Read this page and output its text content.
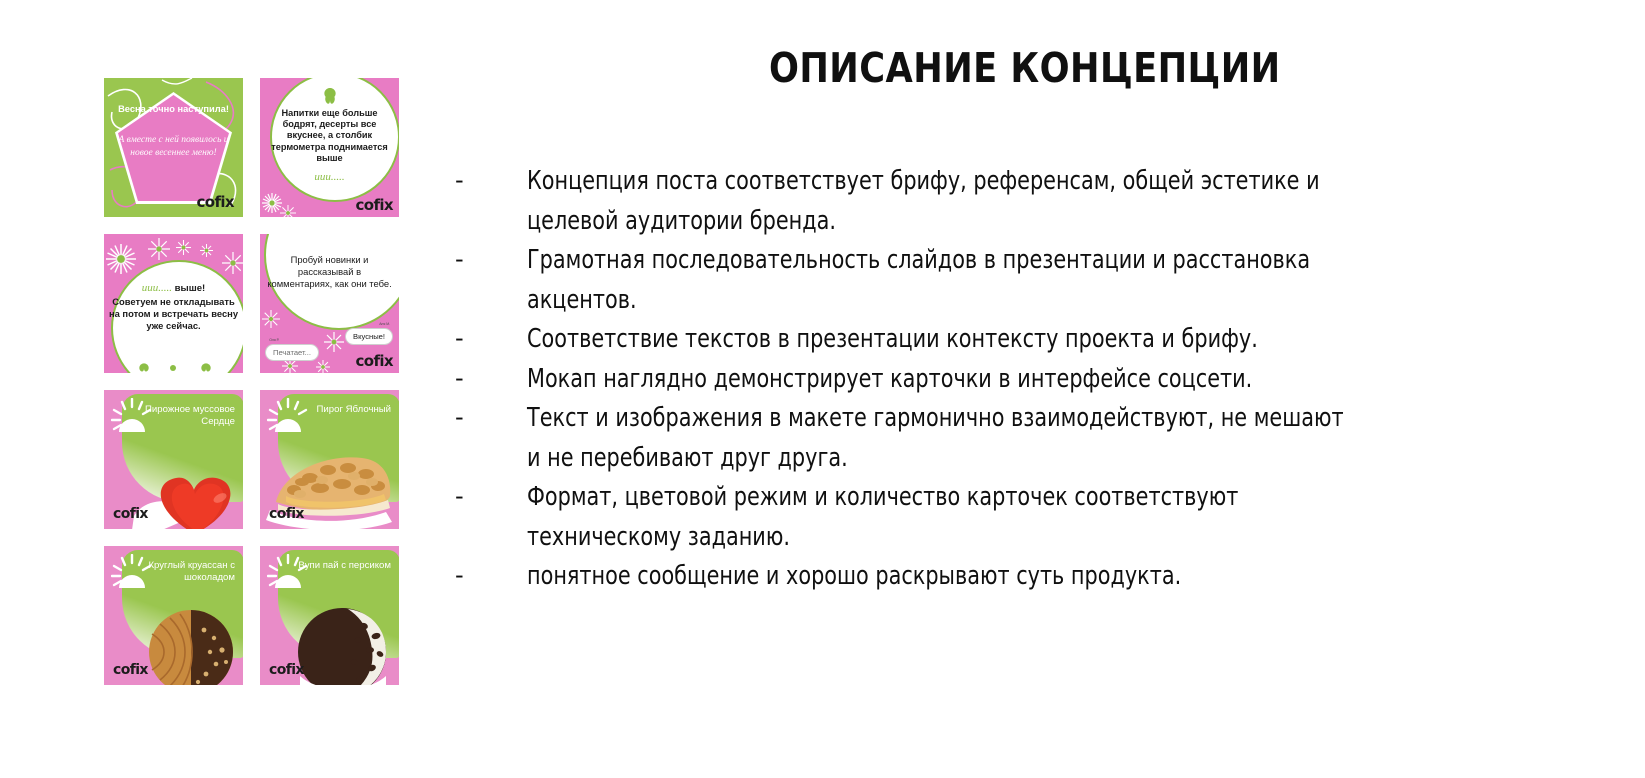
Весна точно наступила!
А вместе с ней появилось и новое весеннее меню!
cofix
Напитки еще больше бодрят, десерты все вкуснее, а столбик термометра поднимается выше
иии.....
cofix
иии..... выше!
Советуем не откладывать на потом и встречать весну уже сейчас.
Пробуй новинки и рассказывай в комментариях, как они тебе.
Аня М.
Вкусные!
Оля Р.
Печатает...	cofix
Пирожное муссовое Сердце
cofix
Пирог Яблочный
cofix
Круглый круассан с шоколадом
cofix
Вупи пай с персиком
cofix
ОПИСАНИЕ КОНЦЕПЦИИ
-	Концепция поста соответствует брифу, референсам, общей эстетике и целевой аудитории бренда.
-	Грамотная последовательность слайдов в презентации и расстановка акцентов.
-	Соответствие текстов в презентации контексту проекта и брифу.
-	Мокап наглядно демонстрирует карточки в интерфейсе соцсети.
-	Текст и изображения в макете гармонично взаимодействуют, не мешают и не перебивают друг друга.
-	Формат, цветовой режим и количество карточек соответствуют техническому заданию.
-	понятное сообщение и хорошо раскрывают суть продукта.
